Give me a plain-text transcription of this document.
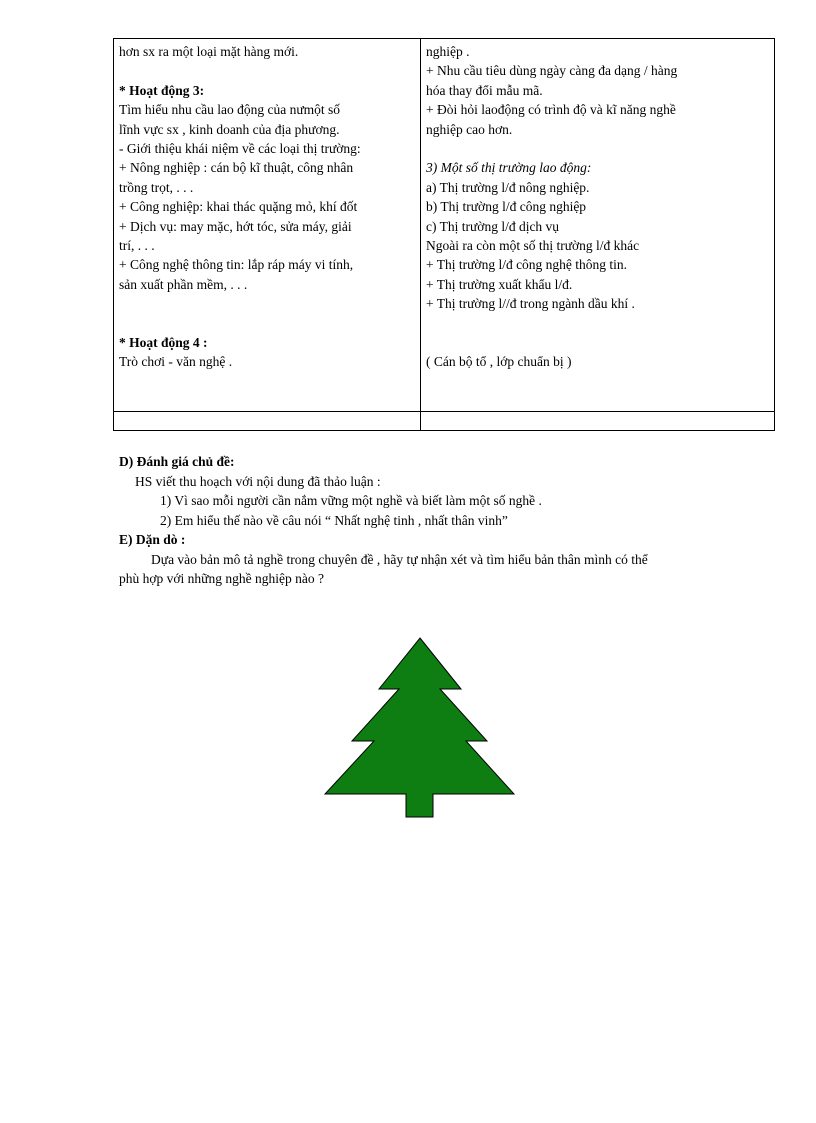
hơn sx ra một loại mặt hàng mới.
* Hoạt động 3:
Tìm hiểu nhu cầu lao động của nưmột số
lĩnh vực sx , kinh doanh của địa phương.
- Giới thiệu khái niệm về các loại thị trường:
+ Nông nghiệp : cán bộ kĩ thuật, công nhân
trồng trọt, . . .
+ Công nghiệp: khai thác quặng mỏ, khí đốt
+ Dịch vụ: may mặc, hớt tóc, sửa máy, giải
trí, . . .
+ Công nghệ thông tin: lắp ráp máy vi tính,
sản xuất phần mềm, . . .
* Hoạt động 4 :
Trò chơi - văn nghệ .
nghiệp .
+ Nhu cầu tiêu dùng ngày càng đa dạng / hàng
hóa thay đổi mẫu mã.
+ Đòi hỏi laođộng có trình độ và kĩ năng nghề
nghiệp cao hơn.
3) Một số thị trường lao động:
a) Thị trường l/đ nông nghiệp.
b) Thị trường l/đ công nghiệp
c) Thị trường l/đ dịch vụ
Ngoài ra còn một số thị trường l/đ khác
+ Thị trường l/đ công nghệ thông tin.
+ Thị trường xuất khẩu l/đ.
+ Thị trường l//đ trong ngành dầu khí .
( Cán bộ tổ , lớp chuẩn bị )
D) Đánh giá chủ đề:
HS viết thu hoạch với nội dung đã thảo luận :
1) Vì sao mỗi người cần nắm vững một nghề và biết làm một số nghề .
2) Em hiểu thế nào về câu nói “ Nhất nghệ tinh , nhất thân vinh”
E) Dặn dò :
Dựa vào bản mô tả nghề trong chuyên đề , hãy tự nhận xét và tìm hiểu bản thân mình có thể
phù hợp với những nghề nghiệp nào ?
